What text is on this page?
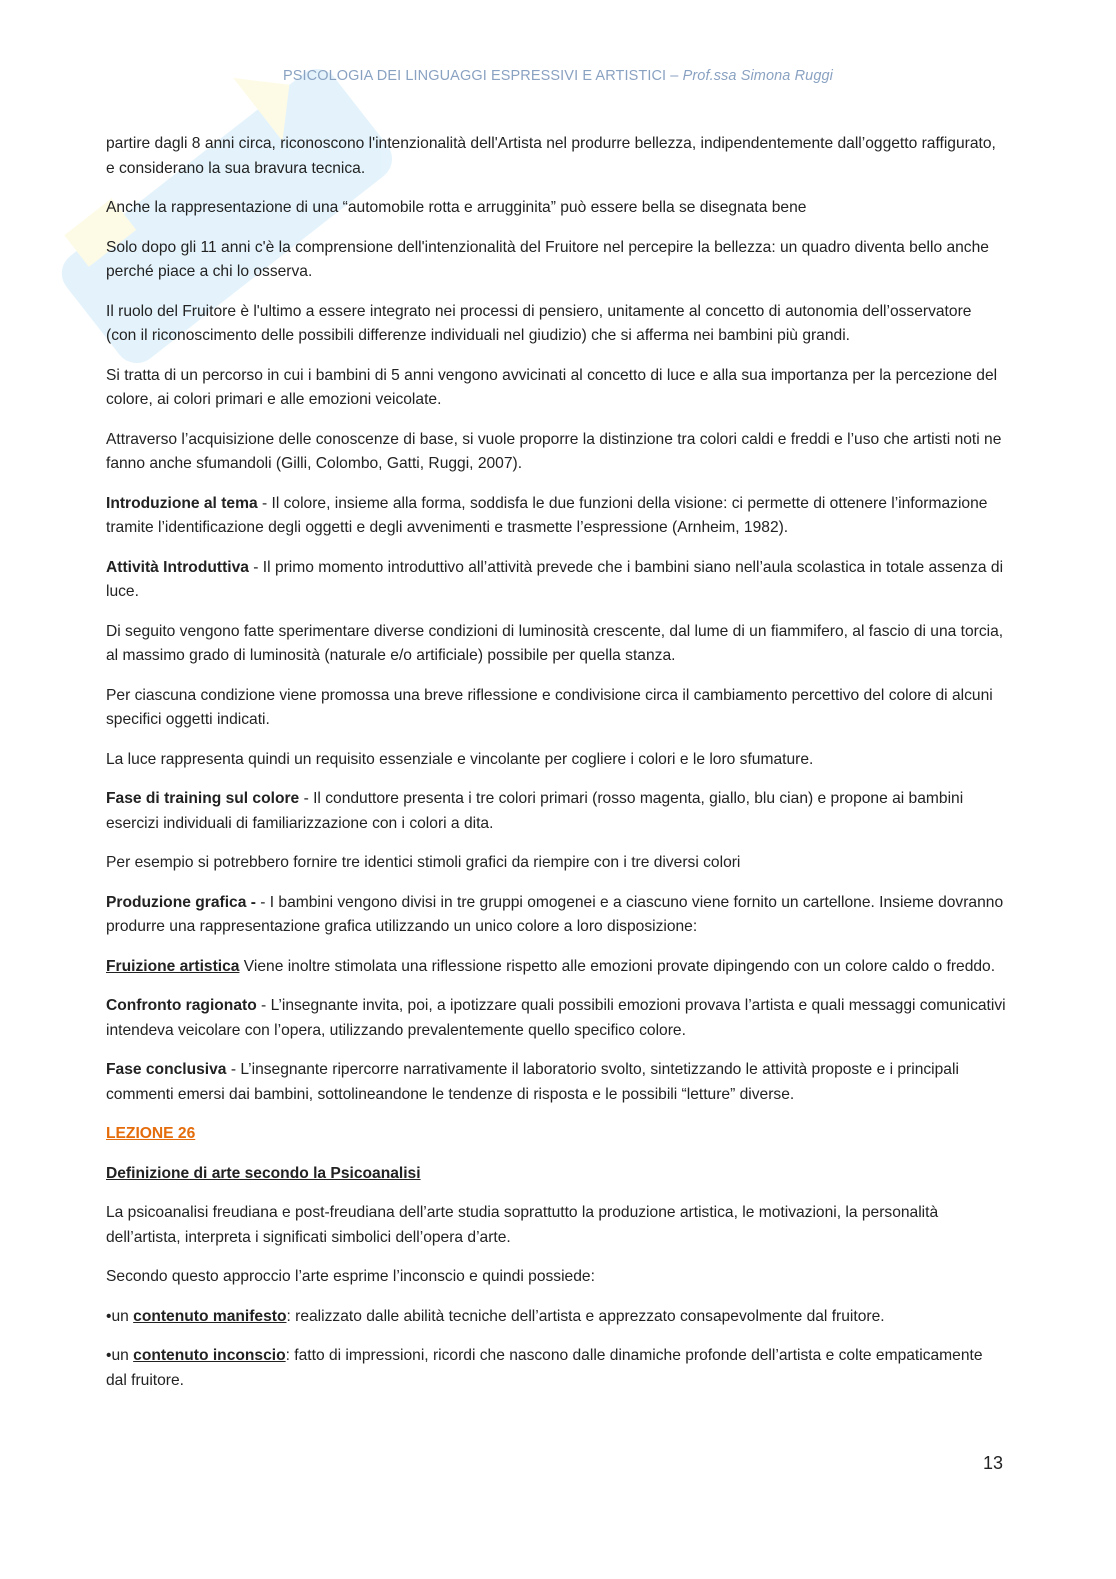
PSICOLOGIA DEI LINGUAGGI ESPRESSIVI E ARTISTICI – Prof.ssa Simona Ruggi

partire dagli 8 anni circa, riconoscono l'intenzionalità dell'Artista nel produrre bellezza, indipendentemente dall’oggetto raffigurato, e considerano la sua bravura tecnica.

Anche la rappresentazione di una “automobile rotta e arrugginita” può essere bella se disegnata bene

Solo dopo gli 11 anni c'è la comprensione dell'intenzionalità del Fruitore nel percepire la bellezza: un quadro diventa bello anche perché piace a chi lo osserva.

Il ruolo del Fruitore è l'ultimo a essere integrato nei processi di pensiero, unitamente al concetto di autonomia dell’osservatore (con il riconoscimento delle possibili differenze individuali nel giudizio) che si afferma nei bambini più grandi.

Si tratta di un percorso in cui i bambini di 5 anni vengono avvicinati al concetto di luce e alla sua importanza per la percezione del colore, ai colori primari e alle emozioni veicolate.

Attraverso l’acquisizione delle conoscenze di base, si vuole proporre la distinzione tra colori caldi e freddi e l’uso che artisti noti ne fanno anche sfumandoli (Gilli, Colombo, Gatti, Ruggi, 2007).

Introduzione al tema - Il colore, insieme alla forma, soddisfa le due funzioni della visione: ci permette di ottenere l’informazione tramite l’identificazione degli oggetti e degli avvenimenti e trasmette l’espressione (Arnheim, 1982).

Attività Introduttiva - Il primo momento introduttivo all’attività prevede che i bambini siano nell’aula scolastica in totale assenza di luce.

Di seguito vengono fatte sperimentare diverse condizioni di luminosità crescente, dal lume di un fiammifero, al fascio di una torcia, al massimo grado di luminosità (naturale e/o artificiale) possibile per quella stanza.

Per ciascuna condizione viene promossa una breve riflessione e condivisione circa il cambiamento percettivo del colore di alcuni specifici oggetti indicati.

La luce rappresenta quindi un requisito essenziale e vincolante per cogliere i colori e le loro sfumature.

Fase di training sul colore - Il conduttore presenta i tre colori primari (rosso magenta, giallo, blu cian) e propone ai bambini esercizi individuali di familiarizzazione con i colori a dita.

Per esempio si potrebbero fornire tre identici stimoli grafici da riempire con i tre diversi colori

Produzione grafica - - I bambini vengono divisi in tre gruppi omogenei e a ciascuno viene fornito un cartellone. Insieme dovranno produrre una rappresentazione grafica utilizzando un unico colore a loro disposizione:

Fruizione artistica Viene inoltre stimolata una riflessione rispetto alle emozioni provate dipingendo con un colore caldo o freddo.

Confronto ragionato - L’insegnante invita, poi, a ipotizzare quali possibili emozioni provava l’artista e quali messaggi comunicativi intendeva veicolare con l’opera, utilizzando prevalentemente quello specifico colore.

Fase conclusiva - L’insegnante ripercorre narrativamente il laboratorio svolto, sintetizzando le attività proposte e i principali commenti emersi dai bambini, sottolineandone le tendenze di risposta e le possibili “letture” diverse.

LEZIONE 26

Definizione di arte secondo la Psicoanalisi

La psicoanalisi freudiana e post-freudiana dell’arte studia soprattutto la produzione artistica, le motivazioni, la personalità dell’artista, interpreta i significati simbolici dell’opera d’arte.

Secondo questo approccio l’arte esprime l’inconscio e quindi possiede:

•un contenuto manifesto: realizzato dalle abilità tecniche dell’artista e apprezzato consapevolmente dal fruitore.

•un contenuto inconscio: fatto di impressioni, ricordi che nascono dalle dinamiche profonde dell’artista e colte empaticamente dal fruitore.

13
